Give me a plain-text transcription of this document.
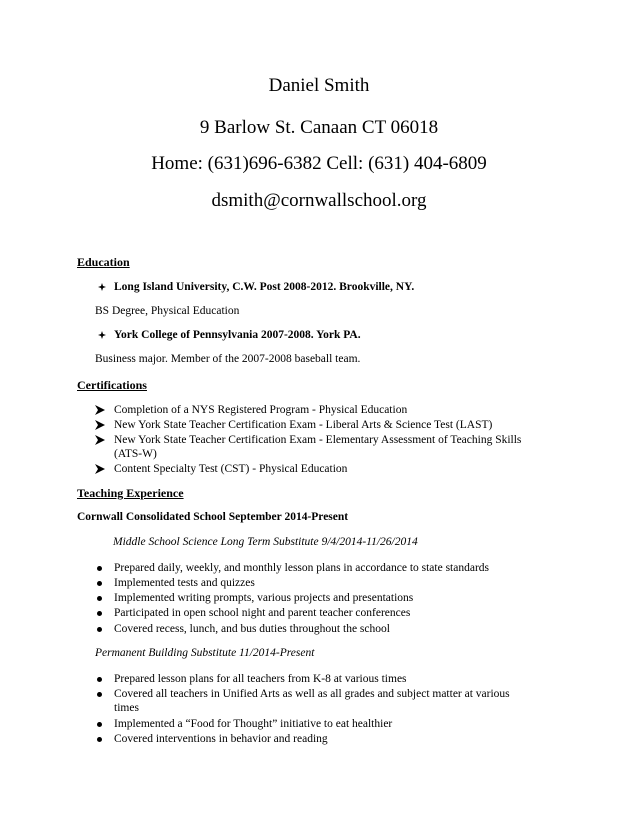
Daniel Smith
9 Barlow St. Canaan CT 06018
Home: (631)696-6382 Cell: (631) 404-6809
dsmith@cornwallschool.org
Education
Long Island University, C.W. Post 2008-2012. Brookville, NY.
BS Degree, Physical Education
York College of Pennsylvania 2007-2008. York PA.
Business major. Member of the 2007-2008 baseball team.
Certifications
Completion of a NYS Registered Program - Physical Education
New York State Teacher Certification Exam - Liberal Arts & Science Test (LAST)
New York State Teacher Certification Exam - Elementary Assessment of Teaching Skills
(ATS-W)
Content Specialty Test (CST) - Physical Education
Teaching Experience
Cornwall Consolidated School September 2014-Present
Middle School Science Long Term Substitute 9/4/2014-11/26/2014
Prepared daily, weekly, and monthly lesson plans in accordance to state standards
Implemented tests and quizzes
Implemented writing prompts, various projects and presentations
Participated in open school night and parent teacher conferences
Covered recess, lunch, and bus duties throughout the school
Permanent Building Substitute 11/2014-Present
Prepared lesson plans for all teachers from K-8 at various times
Covered all teachers in Unified Arts as well as all grades and subject matter at various
times
Implemented a “Food for Thought” initiative to eat healthier
Covered interventions in behavior and reading
